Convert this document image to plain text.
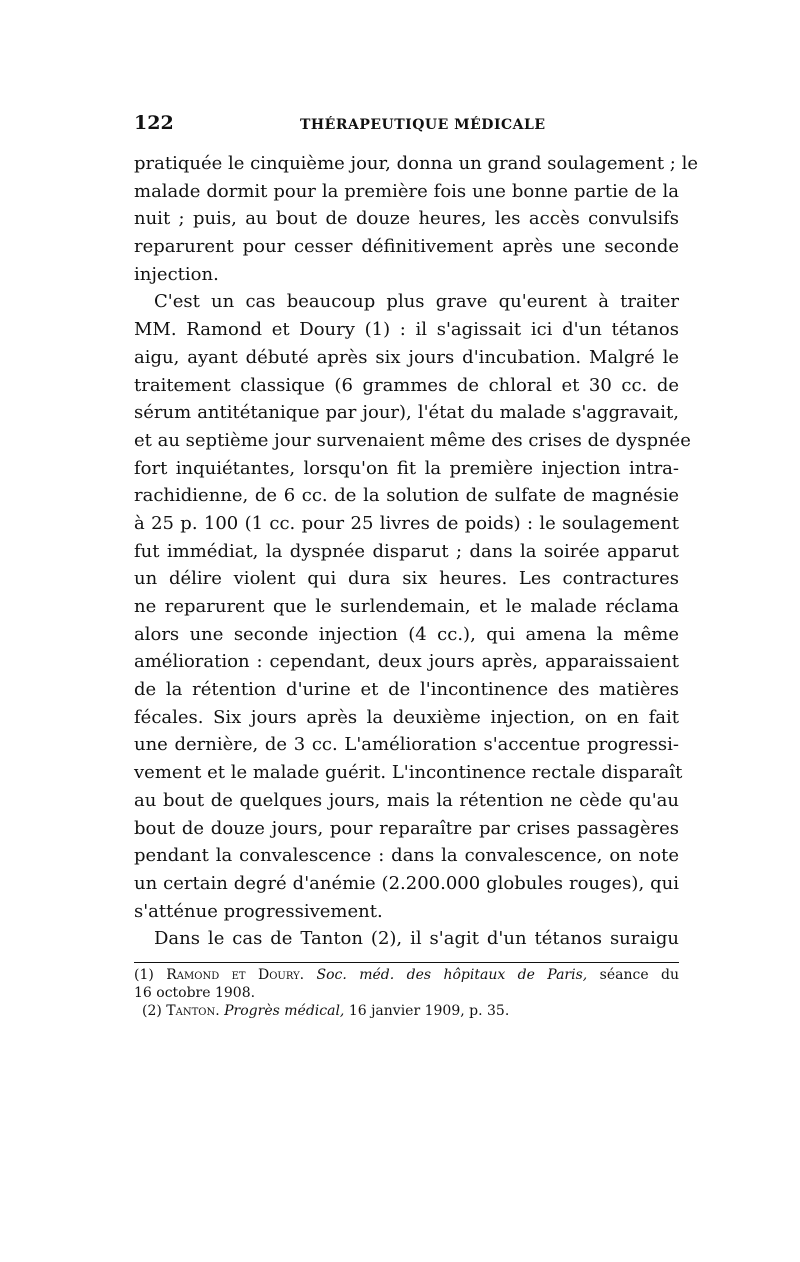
122	THÉRAPEUTIQUE MÉDICALE
pratiquée le cinquième jour, donna un grand soulagement ; le
malade dormit pour la première fois une bonne partie de la
nuit ; puis, au bout de douze heures, les accès convulsifs
reparurent pour cesser définitivement après une seconde
injection.
C'est un cas beaucoup plus grave qu'eurent à traiter
MM. Ramond et Doury (1) : il s'agissait ici d'un tétanos
aigu, ayant débuté après six jours d'incubation. Malgré le
traitement classique (6 grammes de chloral et 30 cc. de
sérum antitétanique par jour), l'état du malade s'aggravait,
et au septième jour survenaient même des crises de dyspnée
fort inquiétantes, lorsqu'on fit la première injection intra-
rachidienne, de 6 cc. de la solution de sulfate de magnésie
à 25 p. 100 (1 cc. pour 25 livres de poids) : le soulagement
fut immédiat, la dyspnée disparut ; dans la soirée apparut
un délire violent qui dura six heures. Les contractures
ne reparurent que le surlendemain, et le malade réclama
alors une seconde injection (4 cc.), qui amena la même
amélioration : cependant, deux jours après, apparaissaient
de la rétention d'urine et de l'incontinence des matières
fécales. Six jours après la deuxième injection, on en fait
une dernière, de 3 cc. L'amélioration s'accentue progressi-
vement et le malade guérit. L'incontinence rectale disparaît
au bout de quelques jours, mais la rétention ne cède qu'au
bout de douze jours, pour reparaître par crises passagères
pendant la convalescence : dans la convalescence, on note
un certain degré d'anémie (2.200.000 globules rouges), qui
s'atténue progressivement.
Dans le cas de Tanton (2), il s'agit d'un tétanos suraigu
(1) Ramond et Doury. Soc. méd. des hôpitaux de Paris, séance du
16 octobre 1908.
(2) Tanton. Progrès médical, 16 janvier 1909, p. 35.
